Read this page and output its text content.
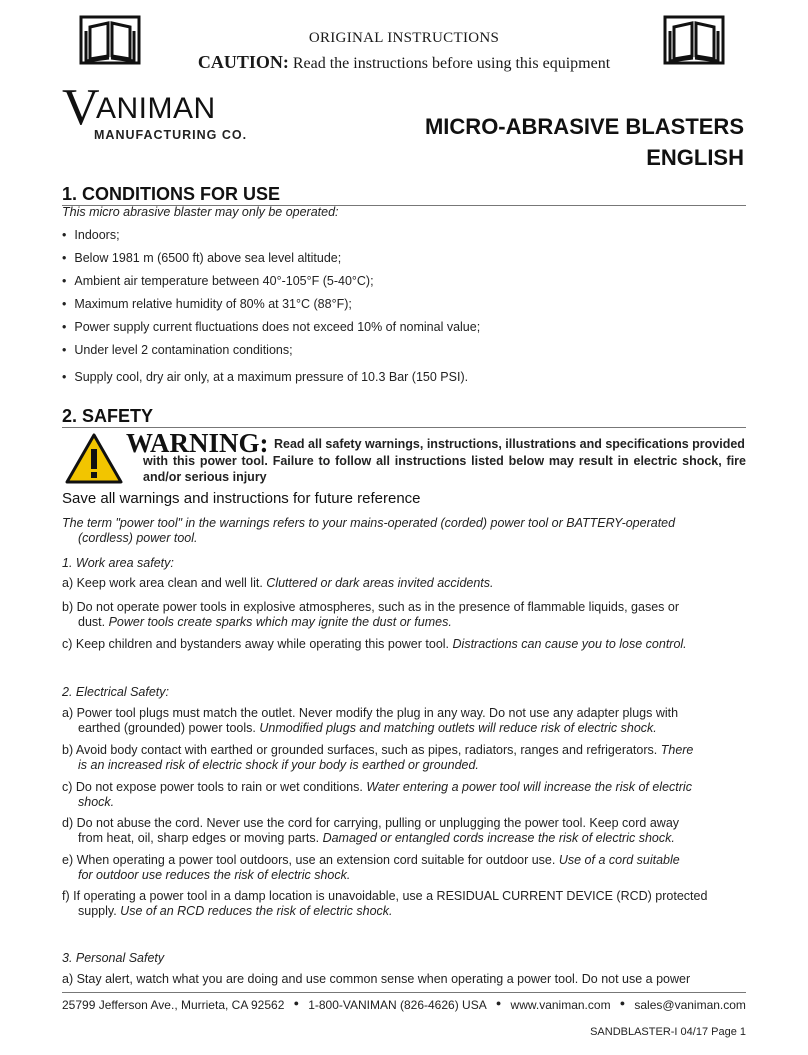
ORIGINAL INSTRUCTIONS
CAUTION: Read the instructions before using this equipment
V
ANIMAN
MANUFACTURING CO.	MICRO-ABRASIVE BLASTERS
ENGLISH
1. CONDITIONS FOR USE
This micro abrasive blaster may only be operated:
• Indoors;
• Below 1981 m (6500 ft) above sea level altitude;
• Ambient air temperature between 40°-105°F (5-40°C);
• Maximum relative humidity of 80% at 31°C (88°F);
• Power supply current fluctuations does not exceed 10% of nominal value;
• Under level 2 contamination conditions;
• Supply cool, dry air only, at a maximum pressure of 10.3 Bar (150 PSI).
2. SAFETY
WARNING: Read all safety warnings, instructions, illustrations and specifications provided
with this power tool. Failure to follow all instructions listed below may result in electric shock, fire and/or serious injury
Save all warnings and instructions for future reference
The term "power tool" in the warnings refers to your mains-operated (corded) power tool or BATTERY-operated
(cordless) power tool.
1. Work area safety:
a) Keep work area clean and well lit. Cluttered or dark areas invited accidents.
b) Do not operate power tools in explosive atmospheres, such as in the presence of flammable liquids, gases or
dust. Power tools create sparks which may ignite the dust or fumes.
c) Keep children and bystanders away while operating this power tool. Distractions can cause you to lose control.
2. Electrical Safety:
a) Power tool plugs must match the outlet. Never modify the plug in any way. Do not use any adapter plugs with
earthed (grounded) power tools. Unmodified plugs and matching outlets will reduce risk of electric shock.
b) Avoid body contact with earthed or grounded surfaces, such as pipes, radiators, ranges and refrigerators. There
is an increased risk of electric shock if your body is earthed or grounded.
c) Do not expose power tools to rain or wet conditions. Water entering a power tool will increase the risk of electric
shock.
d) Do not abuse the cord. Never use the cord for carrying, pulling or unplugging the power tool. Keep cord away
from heat, oil, sharp edges or moving parts. Damaged or entangled cords increase the risk of electric shock.
e) When operating a power tool outdoors, use an extension cord suitable for outdoor use. Use of a cord suitable
for outdoor use reduces the risk of electric shock.
f) If operating a power tool in a damp location is unavoidable, use a RESIDUAL CURRENT DEVICE (RCD) protected
supply. Use of an RCD reduces the risk of electric shock.
3. Personal Safety
a) Stay alert, watch what you are doing and use common sense when operating a power tool. Do not use a power
25799 Jefferson Ave., Murrieta, CA 92562 ● 1-800-VANIMAN (826-4626) USA ● www.vaniman.com ● sales@vaniman.com
SANDBLASTER-I 04/17 Page 1
